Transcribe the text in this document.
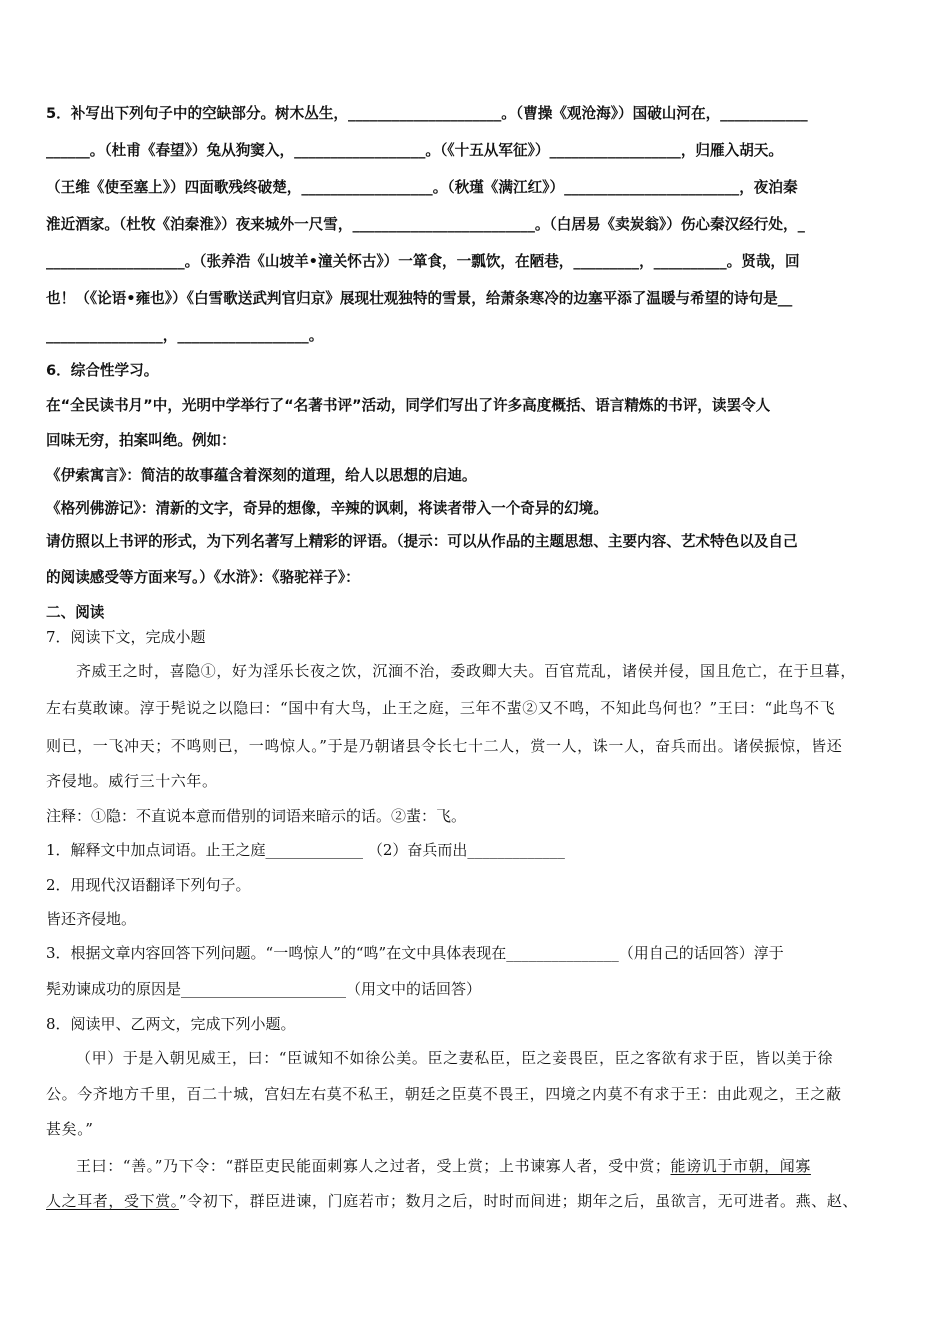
5．补写出下列句子中的空缺部分。树木丛生，_____________________。（曹操《观沧海》）国破山河在，____________
______。（杜甫《春望》）兔从狗窦入，__________________。（《十五从军征》）__________________，归雁入胡天。
（王维《使至塞上》）四面歌残终破楚，__________________。（秋瑾《满江红》）________________________，夜泊秦
淮近酒家。（杜牧《泊秦淮》）夜来城外一尺雪，_________________________。（白居易《卖炭翁》）伤心秦汉经行处，_
___________________。（张养浩《山坡羊•潼关怀古》）一箪食，一瓢饮，在陋巷，_________，__________。贤哉，回
也！（《论语•雍也》）《白雪歌送武判官归京》展现壮观独特的雪景，给萧条寒冷的边塞平添了温暖与希望的诗句是__
________________，__________________。
6．综合性学习。
在“全民读书月”中，光明中学举行了“名著书评”活动，同学们写出了许多高度概括、语言精炼的书评，读罢令人
回味无穷，拍案叫绝。例如：
《伊索寓言》：简洁的故事蕴含着深刻的道理，给人以思想的启迪。
《格列佛游记》：清新的文字，奇异的想像，辛辣的讽刺，将读者带入一个奇异的幻境。
请仿照以上书评的形式，为下列名著写上精彩的评语。（提示：可以从作品的主题思想、主要内容、艺术特色以及自己
的阅读感受等方面来写。）《水浒》：《骆驼祥子》：
二、阅读
7．阅读下文，完成小题
齐威王之时，喜隐①，好为淫乐长夜之饮，沉湎不治，委政卿大夫。百官荒乱，诸侯并侵，国且危亡，在于旦暮，
左右莫敢谏。淳于髡说之以隐曰：“国中有大鸟，止王之庭，三年不蜚②又不鸣，不知此鸟何也？”王曰：“此鸟不飞
则已，一飞冲天；不鸣则已，一鸣惊人。”于是乃朝诸县令长七十二人，赏一人，诛一人，奋兵而出。诸侯振惊，皆还
齐侵地。威行三十六年。
注释：①隐：不直说本意而借别的词语来暗示的话。②蜚：飞。
1．解释文中加点词语。止王之庭_____________ （2）奋兵而出_____________
2．用现代汉语翻译下列句子。
皆还齐侵地。
3．根据文章内容回答下列问题。“一鸣惊人”的“鸣”在文中具体表现在_______________（用自己的话回答）淳于
髡劝谏成功的原因是______________________（用文中的话回答）
8．阅读甲、乙两文，完成下列小题。
（甲）于是入朝见威王，曰：“臣诚知不如徐公美。臣之妻私臣，臣之妾畏臣，臣之客欲有求于臣，皆以美于徐
公。今齐地方千里，百二十城，宫妇左右莫不私王，朝廷之臣莫不畏王，四境之内莫不有求于王：由此观之，王之蔽
甚矣。”
王曰：“善。”乃下令：“群臣吏民能面刺寡人之过者，受上赏；上书谏寡人者，受中赏；能谤讥于市朝，闻寡
人之耳者，受下赏。”令初下，群臣进谏，门庭若市；数月之后，时时而间进；期年之后，虽欲言，无可进者。燕、赵、
